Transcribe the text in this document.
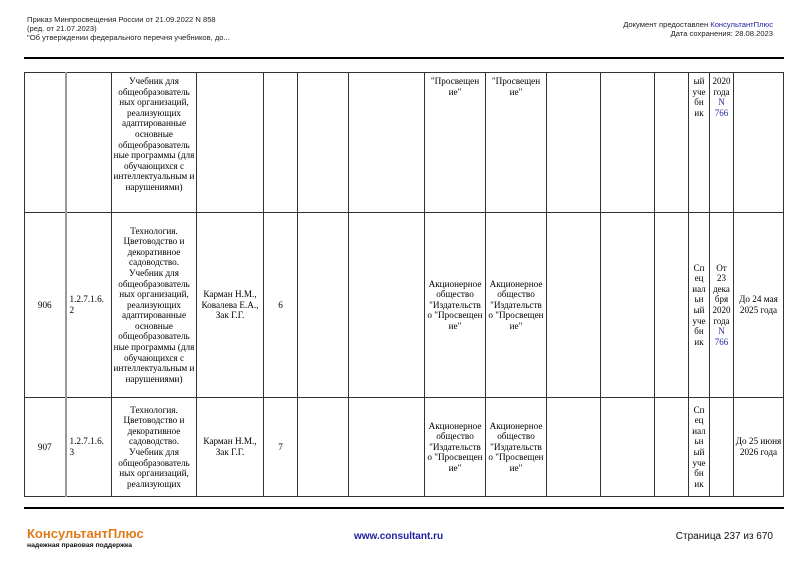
Приказ Минпросвещения России от 21.09.2022 N 858
(ред. от 21.07.2023)
"Об утверждении федерального перечня учебников, до...
Документ предоставлен КонсультантПлюс
Дата сохранения: 28.08.2023
		Учебник для общеобразователь ных организаций, реализующих адаптированные основные общеобразователь ные программы (для обучающихся с интеллектуальным и нарушениями)					"Просвещен ие"	"Просвещен ие"				ый уче бн ик	2020 года
N 766	
906	1.2.7.1.6. 2	Технология. Цветоводство и декоративное садоводство. Учебник для общеобразователь ных организаций, реализующих адаптированные основные общеобразователь ные программы (для обучающихся с интеллектуальным и нарушениями)	Карман Н.М., Ковалева Е.А., Зак Г.Г.	6			Акционерное общество "Издательств о "Просвещен ие"	Акционерное общество "Издательств о "Просвещен ие"				Сп ец иал ьн ый уче бн ик	От 23 дека бря 2020 года
N 766	До 24 мая 2025 года
907	1.2.7.1.6. 3	Технология. Цветоводство и декоративное садоводство. Учебник для общеобразователь ных организаций, реализующих	Карман Н.М., Зак Г.Г.	7			Акционерное общество "Издательств о "Просвещен ие"	Акционерное общество "Издательств о "Просвещен ие"				Сп ец иал ьн ый уче бн ик		До 25 июня 2026 года
КонсультантПлюс
надежная правовая поддержка
www.consultant.ru	Страница 237 из 670
